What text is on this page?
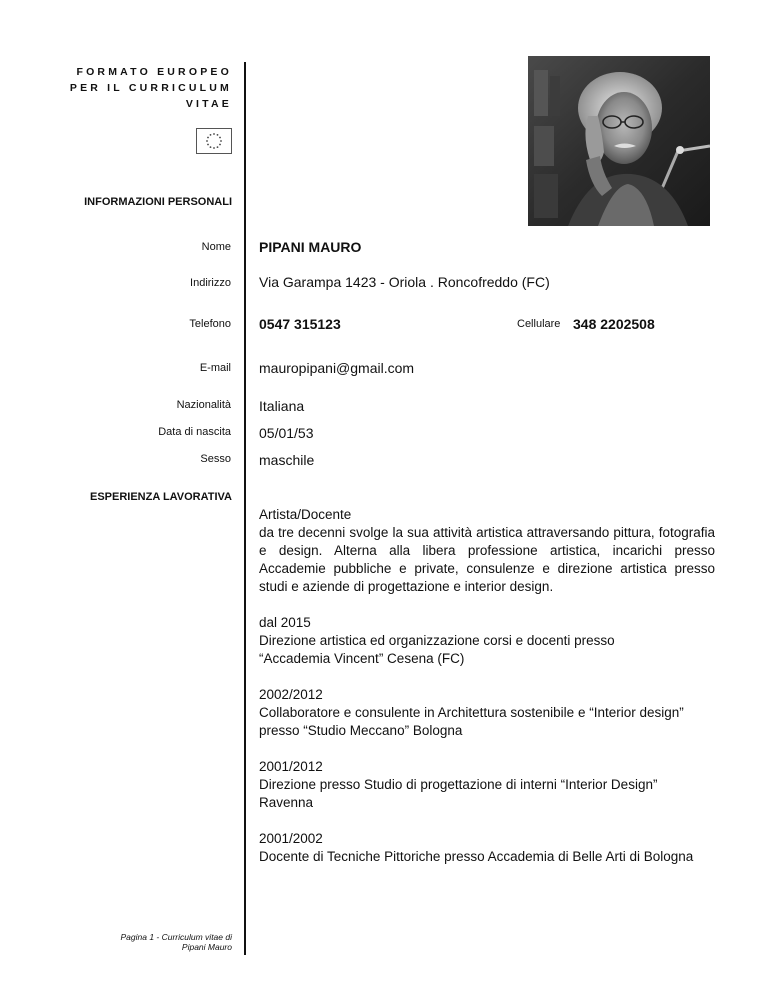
FORMATO EUROPEO
PER IL CURRICULUM
VITAE
INFORMAZIONI PERSONALI
Nome PIPANI MAURO
Indirizzo Via Garampa 1423 - Oriola . Roncofreddo (FC)
Telefono 0547 315123	Cellulare 348 2202508
E-mail mauropipani@gmail.com
Nazionalità Italiana
Data di nascita 05/01/53
Sesso maschile
ESPERIENZA LAVORATIVA
Artista/Docente
da tre decenni svolge la sua attività artistica attraversando pittura, fotografia e design. Alterna alla libera professione artistica, incarichi presso Accademie pubbliche e private, consulenze e direzione artistica presso studi e aziende di progettazione e interior design.
dal 2015
Direzione artistica ed organizzazione corsi e docenti presso
“Accademia Vincent” Cesena (FC)
2002/2012
Collaboratore e consulente in Architettura sostenibile e “Interior design”
presso “Studio Meccano” Bologna
2001/2012
Direzione presso Studio di progettazione di interni “Interior Design” Ravenna
2001/2002
Docente di Tecniche Pittoriche presso Accademia di Belle Arti di Bologna
Pagina 1 - Curriculum vitae di
Pipani Mauro
